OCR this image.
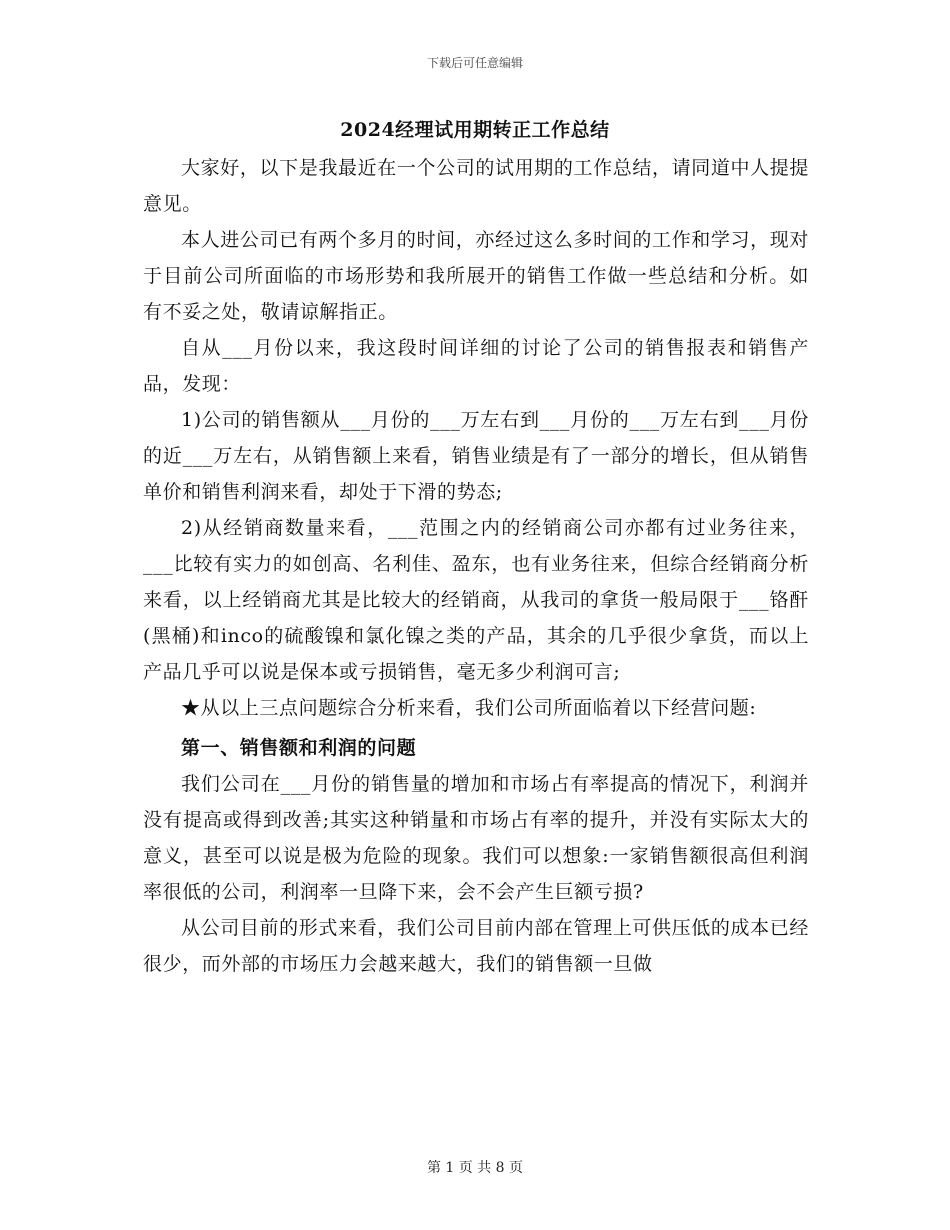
下载后可任意编辑
2024经理试用期转正工作总结

大家好，以下是我最近在一个公司的试用期的工作总结，请同道中人提提意见。

本人进公司已有两个多月的时间，亦经过这么多时间的工作和学习，现对于目前公司所面临的市场形势和我所展开的销售工作做一些总结和分析。如有不妥之处，敬请谅解指正。

自从___月份以来，我这段时间详细的讨论了公司的销售报表和销售产品，发现：

1)公司的销售额从___月份的___万左右到___月份的___万左右到___月份的近___万左右，从销售额上来看，销售业绩是有了一部分的增长，但从销售单价和销售利润来看，却处于下滑的势态;

2)从经销商数量来看，___范围之内的经销商公司亦都有过业务往来，___比较有实力的如创高、名利佳、盈东，也有业务往来，但综合经销商分析来看，以上经销商尤其是比较大的经销商，从我司的拿货一般局限于___铬酐(黑桶)和inco的硫酸镍和氯化镍之类的产品，其余的几乎很少拿货，而以上产品几乎可以说是保本或亏损销售，毫无多少利润可言;

★从以上三点问题综合分析来看，我们公司所面临着以下经营问题:

第一、销售额和利润的问题

我们公司在___月份的销售量的增加和市场占有率提高的情况下，利润并没有提高或得到改善;其实这种销量和市场占有率的提升，并没有实际太大的意义，甚至可以说是极为危险的现象。我们可以想象:一家销售额很高但利润率很低的公司，利润率一旦降下来，会不会产生巨额亏损?

从公司目前的形式来看，我们公司目前内部在管理上可供压低的成本已经很少，而外部的市场压力会越来越大，我们的销售额一旦做

第 1 页 共 8 页
